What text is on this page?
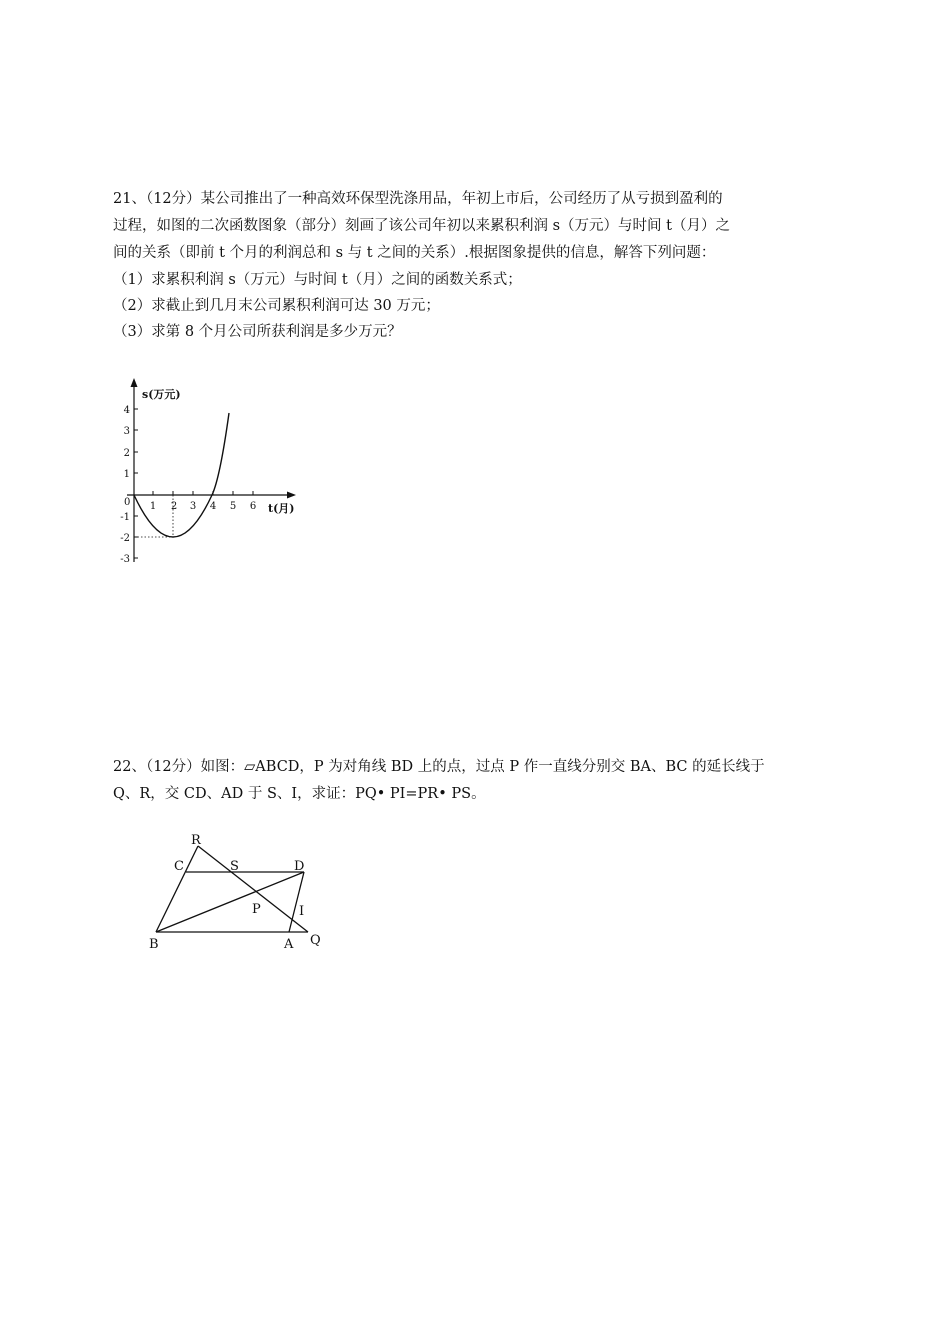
21、（12分）某公司推出了一种高效环保型洗涤用品，年初上市后，公司经历了从亏损到盈利的
过程，如图的二次函数图象（部分）刻画了该公司年初以来累积利润 s（万元）与时间 t（月）之
间的关系（即前 t 个月的利润总和 s 与 t 之间的关系）.根据图象提供的信息，解答下列问题：
（1）求累积利润 s（万元）与时间 t（月）之间的函数关系式；
（2）求截止到几月末公司累积利润可达 30 万元；
（3）求第 8 个月公司所获利润是多少万元？
s(万元)
t(月)
0 1 2 3 4 5 6
4
3
2
1
-1
-2
-3
22、（12分）如图：▱ABCD，P 为对角线 BD 上的点，过点 P 作一直线分别交 BA、BC 的延长线于
Q、R，交 CD、AD 于 S、I，求证：PQ• PI=PR• PS。
R
C	S	D
P	I
B	A Q
